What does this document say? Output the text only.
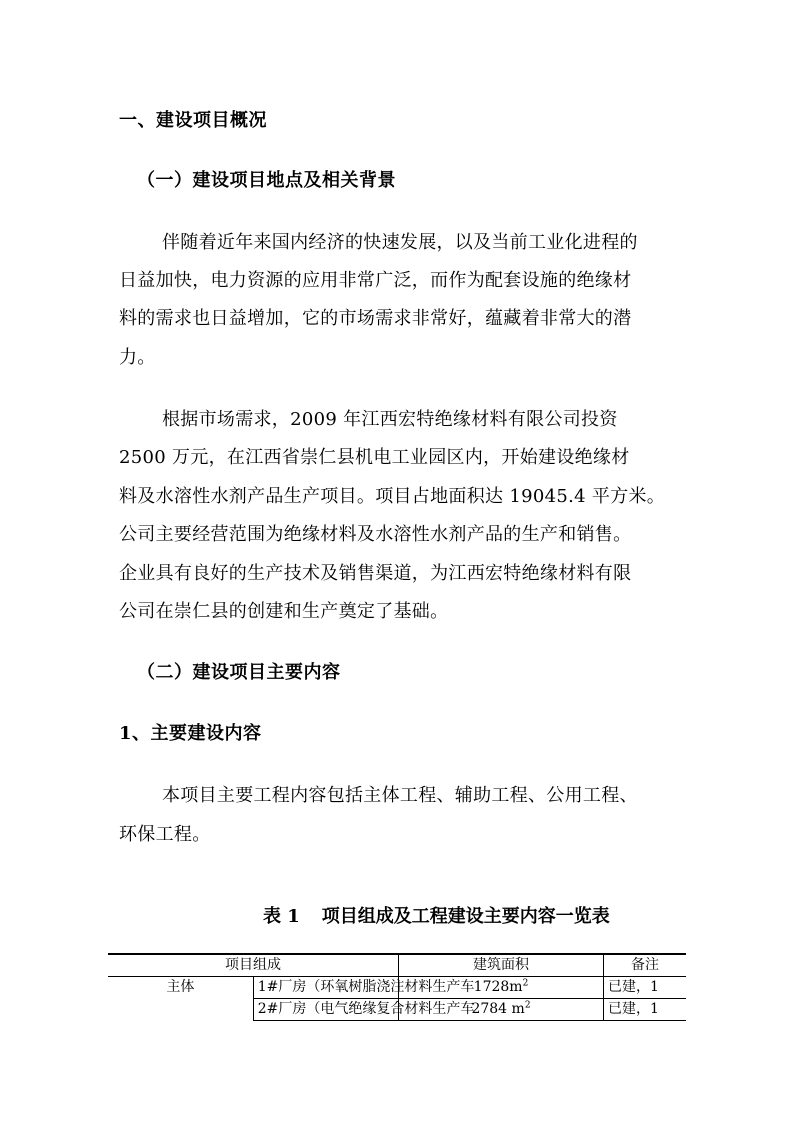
一、建设项目概况
（一）建设项目地点及相关背景
伴随着近年来国内经济的快速发展，以及当前工业化进程的
日益加快，电力资源的应用非常广泛，而作为配套设施的绝缘材
料的需求也日益增加，它的市场需求非常好，蕴藏着非常大的潜
力。
根据市场需求，2009 年江西宏特绝缘材料有限公司投资
2500 万元，在江西省崇仁县机电工业园区内，开始建设绝缘材
料及水溶性水剂产品生产项目。项目占地面积达 19045.4 平方米。
公司主要经营范围为绝缘材料及水溶性水剂产品的生产和销售。
企业具有良好的生产技术及销售渠道，为江西宏特绝缘材料有限
公司在崇仁县的创建和生产奠定了基础。
（二）建设项目主要内容
1、主要建设内容
本项目主要工程内容包括主体工程、辅助工程、公用工程、
环保工程。
表 1 项目组成及工程建设主要内容一览表
项目组成		建筑面积	备注
主体	1#厂房（环氧树脂浇注材料生产车	$1728m^2$	已建，1
	2#厂房（电气绝缘复合材料生产车	2784 $m^2$	已建，1
